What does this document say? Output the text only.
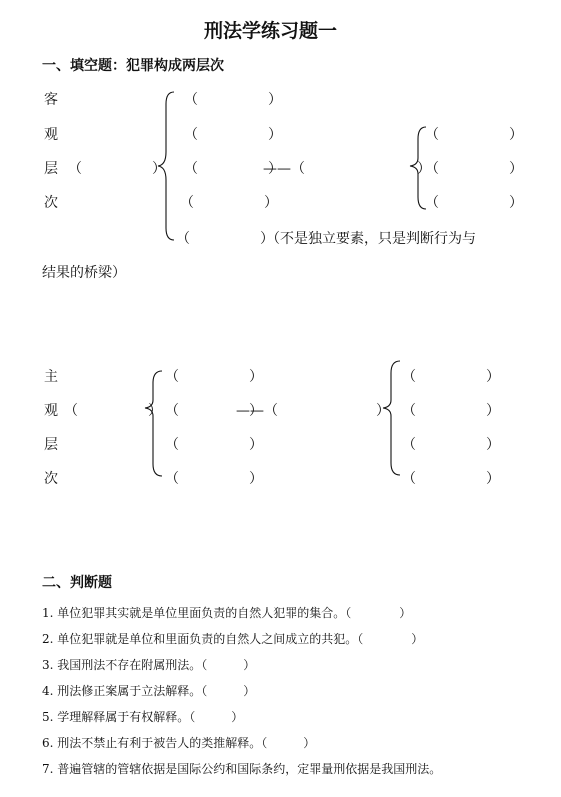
刑法学练习题一
一、填空题：犯罪构成两层次
客
观
层
次
（　　　　　）
（　　　　　）
（　　　　　）
（　　　　　）
（　　　　　）
——（　　　　　　　　）
（　　　　　）
（　　　　　）
（　　　　　）
（　　　　　）
（不是独立要素，只是判断行为与
结果的桥梁）
主
观
层
次
（　　　　　）
（　　　　　）
（　　　　　）
（　　　　　）
（　　　　　）
——（　　　　　　　）
（　　　　　）
（　　　　　）
（　　　　　）
（　　　　　）
二、判断题
1. 单位犯罪其实就是单位里面负责的自然人犯罪的集合。（　　　　）
2. 单位犯罪就是单位和里面负责的自然人之间成立的共犯。（　　　　）
3. 我国刑法不存在附属刑法。（　　　）
4. 刑法修正案属于立法解释。（　　　）
5. 学理解释属于有权解释。（　　　）
6. 刑法不禁止有利于被告人的类推解释。（　　　）
7. 普遍管辖的管辖依据是国际公约和国际条约，定罪量刑依据是我国刑法。
